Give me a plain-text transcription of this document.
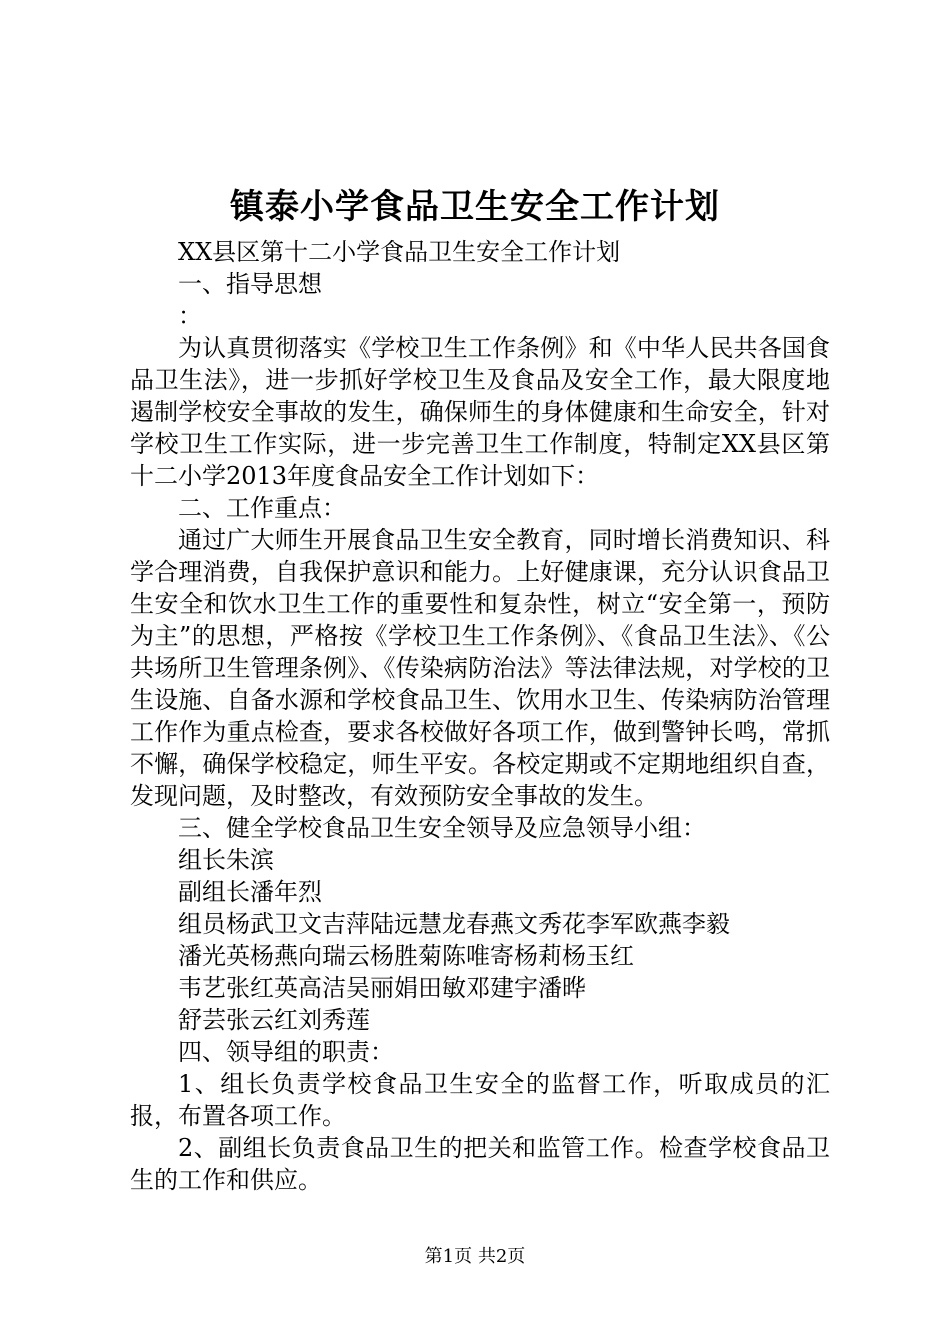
镇泰小学食品卫生安全工作计划

XX县区第十二小学食品卫生安全工作计划

一、指导思想

：

为认真贯彻落实《学校卫生工作条例》和《中华人民共各国食品卫生法》，进一步抓好学校卫生及食品及安全工作，最大限度地遏制学校安全事故的发生，确保师生的身体健康和生命安全，针对学校卫生工作实际，进一步完善卫生工作制度，特制定XX县区第十二小学2013年度食品安全工作计划如下：

二、工作重点：

通过广大师生开展食品卫生安全教育，同时增长消费知识、科学合理消费，自我保护意识和能力。上好健康课，充分认识食品卫生安全和饮水卫生工作的重要性和复杂性，树立“安全第一，预防为主”的思想，严格按《学校卫生工作条例》、《食品卫生法》、《公共场所卫生管理条例》、《传染病防治法》等法律法规，对学校的卫生设施、自备水源和学校食品卫生、饮用水卫生、传染病防治管理工作作为重点检查，要求各校做好各项工作，做到警钟长鸣，常抓不懈，确保学校稳定，师生平安。各校定期或不定期地组织自查，发现问题，及时整改，有效预防安全事故的发生。

三、健全学校食品卫生安全领导及应急领导小组：

组长朱滨

副组长潘年烈

组员杨武卫文吉萍陆远慧龙春燕文秀花李军欧燕李毅

潘光英杨燕向瑞云杨胜菊陈唯寄杨莉杨玉红

韦艺张红英高洁吴丽娟田敏邓建宇潘晔

舒芸张云红刘秀莲

四、领导组的职责：

1、组长负责学校食品卫生安全的监督工作，听取成员的汇报，布置各项工作。

2、副组长负责食品卫生的把关和监管工作。检查学校食品卫生的工作和供应。

第1页 共2页
